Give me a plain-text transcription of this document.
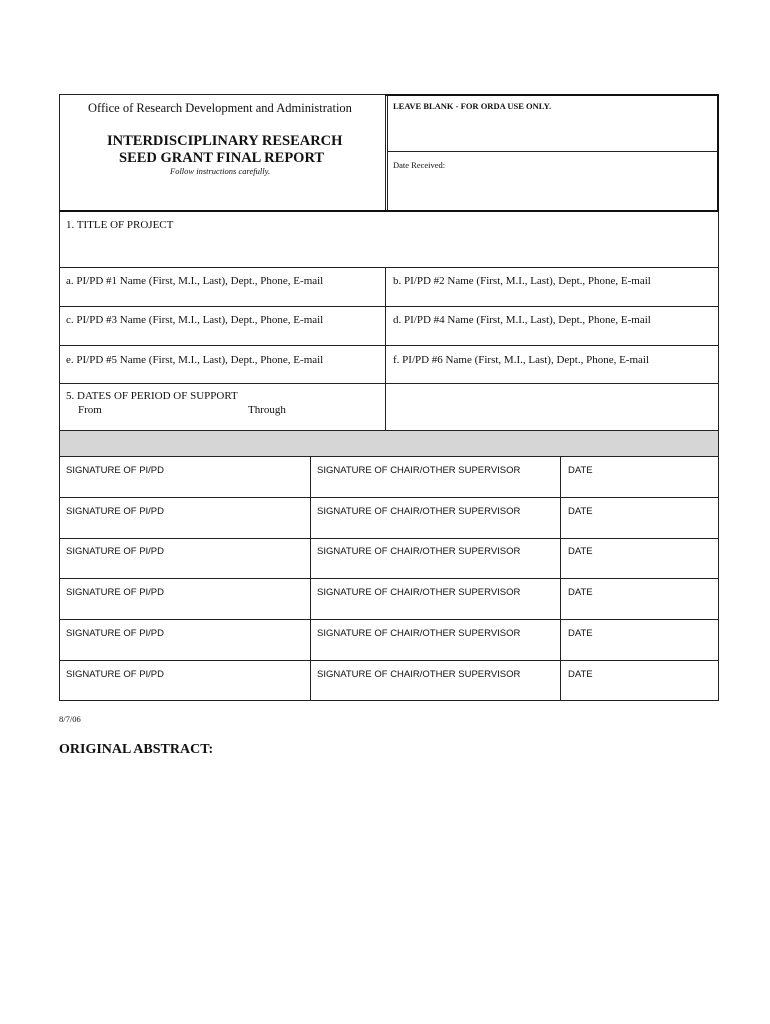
Office of Research Development and Administration
INTERDISCIPLINARY RESEARCH
SEED GRANT FINAL REPORT
Follow instructions carefully.
LEAVE BLANK - FOR ORDA USE ONLY.
Date Received:
1. TITLE OF PROJECT
a. PI/PD #1 Name (First, M.I., Last), Dept., Phone, E-mail	b. PI/PD #2 Name (First, M.I., Last), Dept., Phone, E-mail
c. PI/PD #3 Name (First, M.I., Last), Dept., Phone, E-mail	d. PI/PD #4 Name (First, M.I., Last), Dept., Phone, E-mail
e. PI/PD #5 Name (First, M.I., Last), Dept., Phone, E-mail	f. PI/PD #6 Name (First, M.I., Last), Dept., Phone, E-mail
5. DATES OF PERIOD OF SUPPORT
From	Through
SIGNATURE OF PI/PD	SIGNATURE OF CHAIR/OTHER SUPERVISOR	DATE
SIGNATURE OF PI/PD	SIGNATURE OF CHAIR/OTHER SUPERVISOR	DATE
SIGNATURE OF PI/PD	SIGNATURE OF CHAIR/OTHER SUPERVISOR	DATE
SIGNATURE OF PI/PD	SIGNATURE OF CHAIR/OTHER SUPERVISOR	DATE
SIGNATURE OF PI/PD	SIGNATURE OF CHAIR/OTHER SUPERVISOR	DATE
SIGNATURE OF PI/PD	SIGNATURE OF CHAIR/OTHER SUPERVISOR	DATE
8/7/06
ORIGINAL ABSTRACT:
